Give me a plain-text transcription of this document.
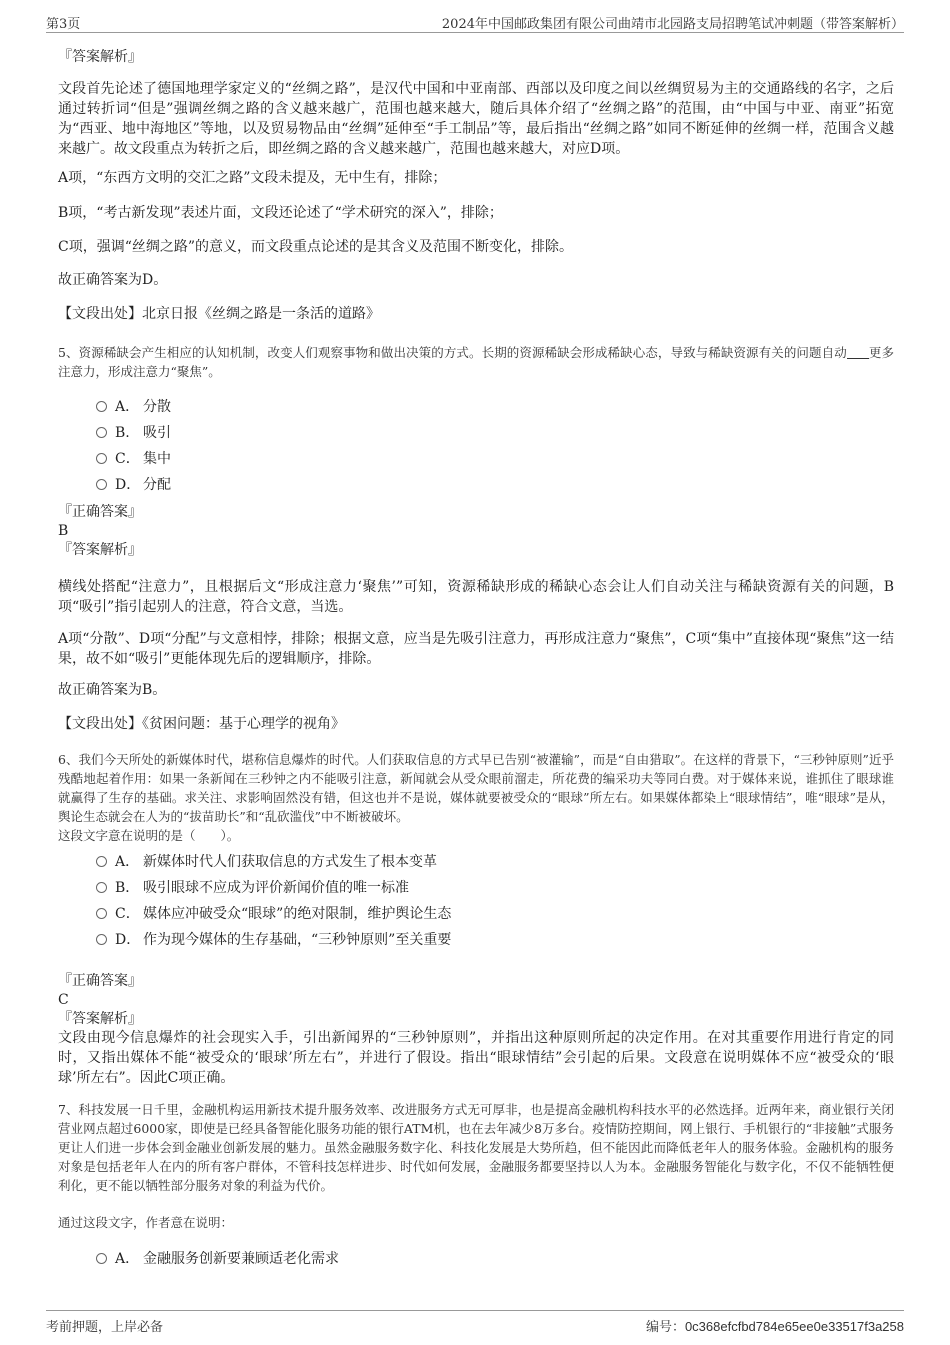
第3页	2024年中国邮政集团有限公司曲靖市北园路支局招聘笔试冲刺题（带答案解析）

『答案解析』

文段首先论述了德国地理学家定义的“丝绸之路”，是汉代中国和中亚南部、西部以及印度之间以丝绸贸易为主的交通路线的名字，之后通过转折词“但是”强调丝绸之路的含义越来越广，范围也越来越大，随后具体介绍了“丝绸之路”的范围，由“中国与中亚、南亚”拓宽为“西亚、地中海地区”等地，以及贸易物品由“丝绸”延伸至“手工制品”等，最后指出“丝绸之路”如同不断延伸的丝绸一样，范围含义越来越广。故文段重点为转折之后，即丝绸之路的含义越来越广，范围也越来越大，对应D项。

A项，“东西方文明的交汇之路”文段未提及，无中生有，排除；

B项，“考古新发现”表述片面，文段还论述了“学术研究的深入”，排除；

C项，强调“丝绸之路”的意义，而文段重点论述的是其含义及范围不断变化，排除。

故正确答案为D。

【文段出处】北京日报《丝绸之路是一条活的道路》

5、资源稀缺会产生相应的认知机制，改变人们观察事物和做出决策的方式。长期的资源稀缺会形成稀缺心态，导致与稀缺资源有关的问题自动 更多注意力，形成注意力“聚焦”。

A． 分散
B. 吸引
C． 集中
D． 分配

『正确答案』

B

『答案解析』

横线处搭配“注意力”，且根据后文“形成注意力‘聚焦’”可知，资源稀缺形成的稀缺心态会让人们自动关注与稀缺资源有关的问题，B项“吸引”指引起别人的注意，符合文意，当选。

A项“分散”、D项“分配”与文意相悖，排除；根据文意，应当是先吸引注意力，再形成注意力“聚焦”，C项“集中”直接体现“聚焦”这一结果，故不如“吸引”更能体现先后的逻辑顺序，排除。

故正确答案为B。

【文段出处】《贫困问题：基于心理学的视角》

6、我们今天所处的新媒体时代，堪称信息爆炸的时代。人们获取信息的方式早已告别“被灌输”，而是“自由猎取”。在这样的背景下，“三秒钟原则”近乎残酷地起着作用：如果一条新闻在三秒钟之内不能吸引注意，新闻就会从受众眼前溜走，所花费的编采功夫等同白费。对于媒体来说，谁抓住了眼球谁就赢得了生存的基础。求关注、求影响固然没有错，但这也并不是说，媒体就要被受众的“眼球”所左右。如果媒体都染上“眼球情结”，唯“眼球”是从，舆论生态就会在人为的“拔苗助长”和“乱砍滥伐”中不断被破坏。

这段文字意在说明的是（　　）。

A． 新媒体时代人们获取信息的方式发生了根本变革
B． 吸引眼球不应成为评价新闻价值的唯一标准
C． 媒体应冲破受众“眼球”的绝对限制，维护舆论生态
D． 作为现今媒体的生存基础，“三秒钟原则”至关重要

『正确答案』

C

『答案解析』

文段由现今信息爆炸的社会现实入手，引出新闻界的“三秒钟原则”，并指出这种原则所起的决定作用。在对其重要作用进行肯定的同时，又指出媒体不能“被受众的‘眼球’所左右”，并进行了假设。指出“眼球情结”会引起的后果。文段意在说明媒体不应“被受众的‘眼球’所左右”。因此C项正确。

7、科技发展一日千里，金融机构运用新技术提升服务效率、改进服务方式无可厚非，也是提高金融机构科技水平的必然选择。近两年来，商业银行关闭营业网点超过6000家，即使是已经具备智能化服务功能的银行ATM机，也在去年减少8万多台。疫情防控期间，网上银行、手机银行的“非接触”式服务更让人们进一步体会到金融业创新发展的魅力。虽然金融服务数字化、科技化发展是大势所趋，但不能因此而降低老年人的服务体验。金融机构的服务对象是包括老年人在内的所有客户群体，不管科技怎样进步、时代如何发展，金融服务都要坚持以人为本。金融服务智能化与数字化，不仅不能牺牲便利化，更不能以牺牲部分服务对象的利益为代价。

通过这段文字，作者意在说明：

A． 金融服务创新要兼顾适老化需求
考前押题，上岸必备	编号：0c368efcfbd784e65ee0e33517f3a258
